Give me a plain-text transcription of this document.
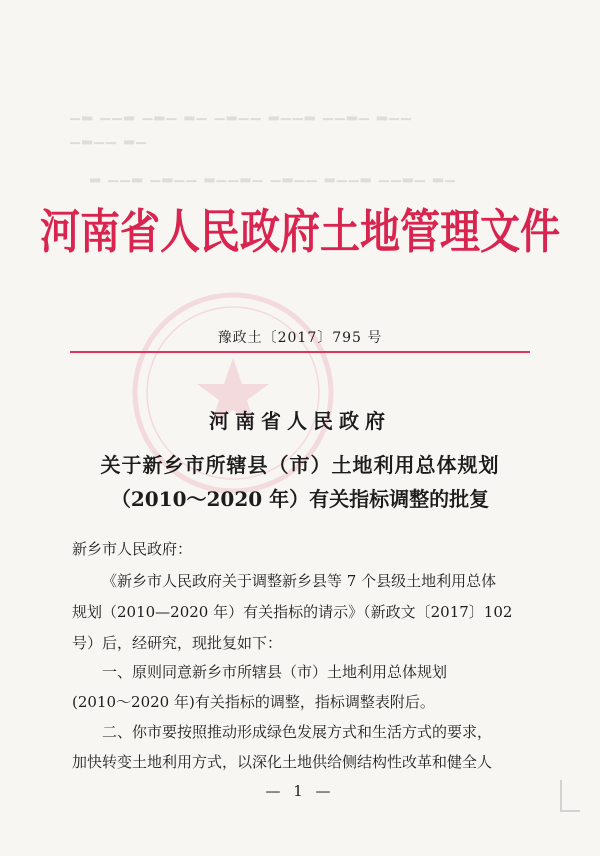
▁▂ ▁▁▂ ▁▂▁ ▂▁ ▁▂▁▁ ▂▁▁▂ ▁▁▂▁ ▂▁▁
▁▂▁▁ ▂▁
▂ ▁▁▂ ▁▂▁▁ ▂▁▁▂▁ ▁▂▁▁ ▂▁▁▂ ▁▁▂▁ ▂▁
河南省人民政府土地管理文件
豫政土〔2017〕795 号
河南省人民政府
关于新乡市所辖县（市）土地利用总体规划
（2010～2020 年）有关指标调整的批复
新乡市人民政府：
《新乡市人民政府关于调整新乡县等 7 个县级土地利用总体
规划（2010—2020 年）有关指标的请示》（新政文〔2017〕102
号）后，经研究，现批复如下：
一、原则同意新乡市所辖县（市）土地利用总体规划
(2010～2020 年)有关指标的调整，指标调整表附后。
二、你市要按照推动形成绿色发展方式和生活方式的要求，
加快转变土地利用方式，以深化土地供给侧结构性改革和健全人
— 1 —
